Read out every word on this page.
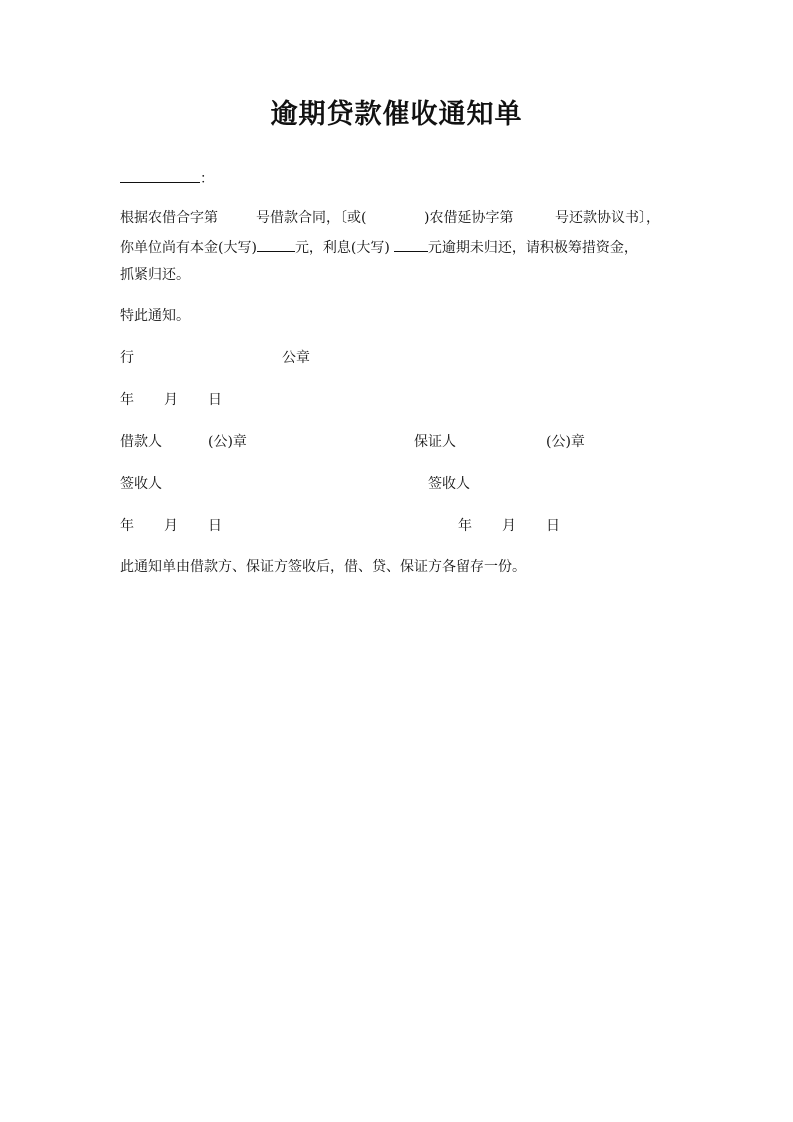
逾期贷款催收通知单
：
根据农借合字第	号借款合同，〔或(	)农借延协字第	号还款协议书〕，
你单位尚有本金(大写)	元，利息(大写)	元逾期未归还，请积极筹措资金，
抓紧归还。
特此通知。
行	公章
年 月 日
借款人	(公)章	保证人	(公)章
签收人	签收人
年 月 日	年 月 日
此通知单由借款方、保证方签收后，借、贷、保证方各留存一份。
